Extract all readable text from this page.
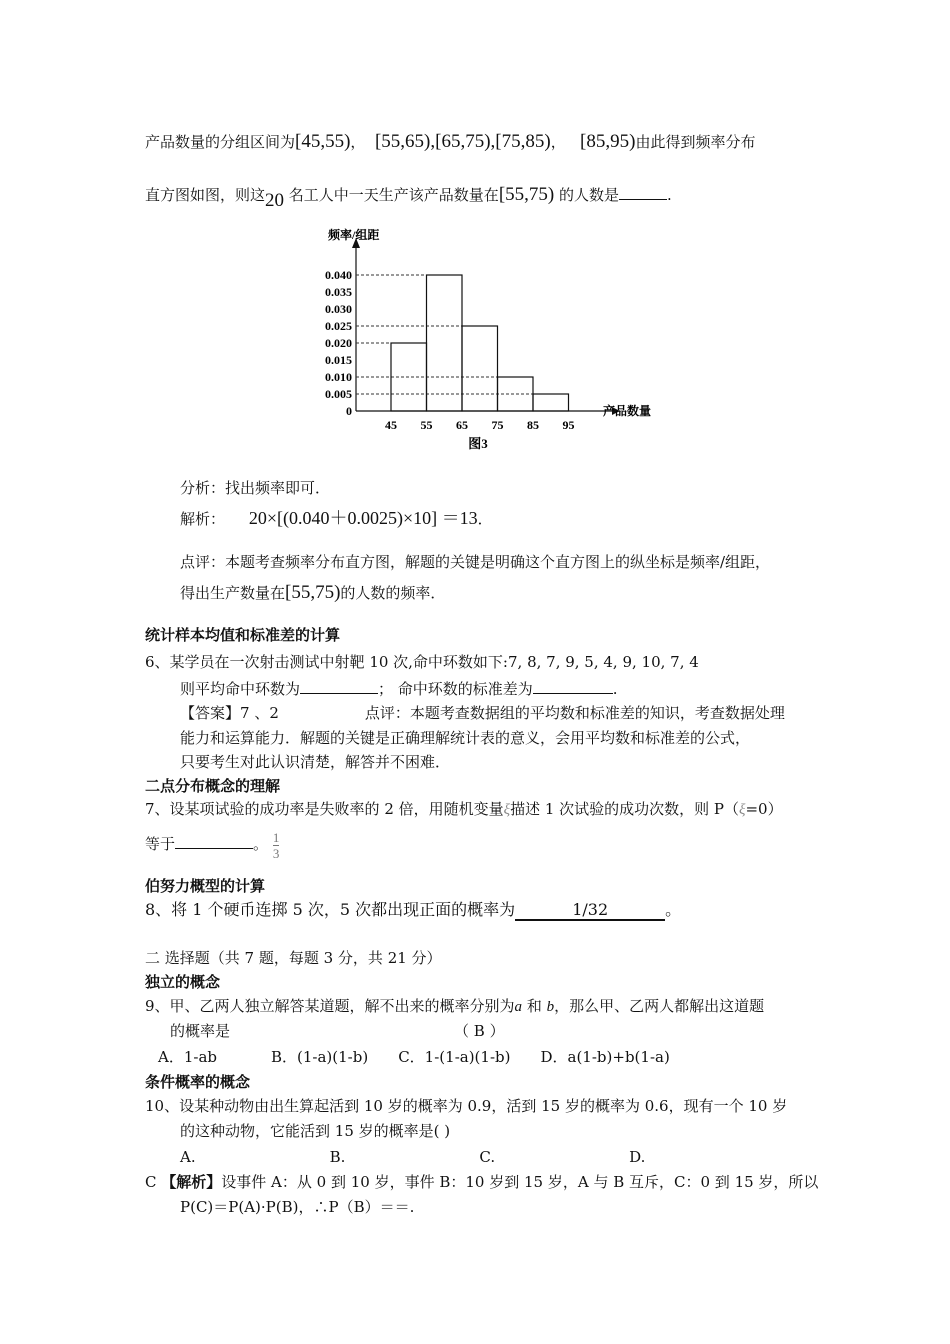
产品数量的分组区间为[45,55)， [55,65),[65,75),[75,85)， [85,95)由此得到频率分布
直方图如图，则这20 名工人中一天生产该产品数量在[55,75) 的人数是	.
频率/组距
产品数量
0
0.005
0.010
0.015
0.020
0.025
0.030
0.035
0.040
45 55 65 75 85 95
图3
分析：找出频率即可．
解析： 20×[(0.040＋0.0025)×10] ＝13．
点评：本题考查频率分布直方图，解题的关键是明确这个直方图上的纵坐标是频率/组距，
得出生产数量在[55,75)的人数的频率．
统计样本均值和标准差的计算
6、某学员在一次射击测试中射靶 10 次,命中环数如下:7, 8, 7, 9, 5, 4, 9, 10, 7, 4
则平均命中环数为	； 命中环数的标准差为	.
【答案】7 、2	点评：本题考查数据组的平均数和标准差的知识，考查数据处理
能力和运算能力．解题的关键是正确理解统计表的意义，会用平均数和标准差的公式，
只要考生对此认识清楚，解答并不困难．
二点分布概念的理解
7、设某项试验的成功率是失败率的 2 倍，用随机变量ξ描述 1 次试验的成功次数，则 P（ξ=0）
等于	。 $\frac{1}{3}$
伯努力概型的计算
8、将 1 个硬币连掷 5 次，5 次都出现正面的概率为	1/32	。
二 选择题（共 7 题，每题 3 分，共 21 分）
独立的概念
9、甲、乙两人独立解答某道题，解不出来的概率分别为a 和 b，那么甲、乙两人都解出这道题
的概率是	（ B ）
A．1-ab	B．(1-a)(1-b) C．1-(1-a)(1-b) D．a(1-b)+b(1-a)
条件概率的概念
10、设某种动物由出生算起活到 10 岁的概率为 0.9，活到 15 岁的概率为 0.6，现有一个 10 岁
的这种动物，它能活到 15 岁的概率是( )
A.	B.	C.	D.
C 【解析】设事件 A：从 0 到 10 岁，事件 B：10 岁到 15 岁，A 与 B 互斥，C：0 到 15 岁，所以
P(C)＝P(A)·P(B)，∴P（B）＝＝.
